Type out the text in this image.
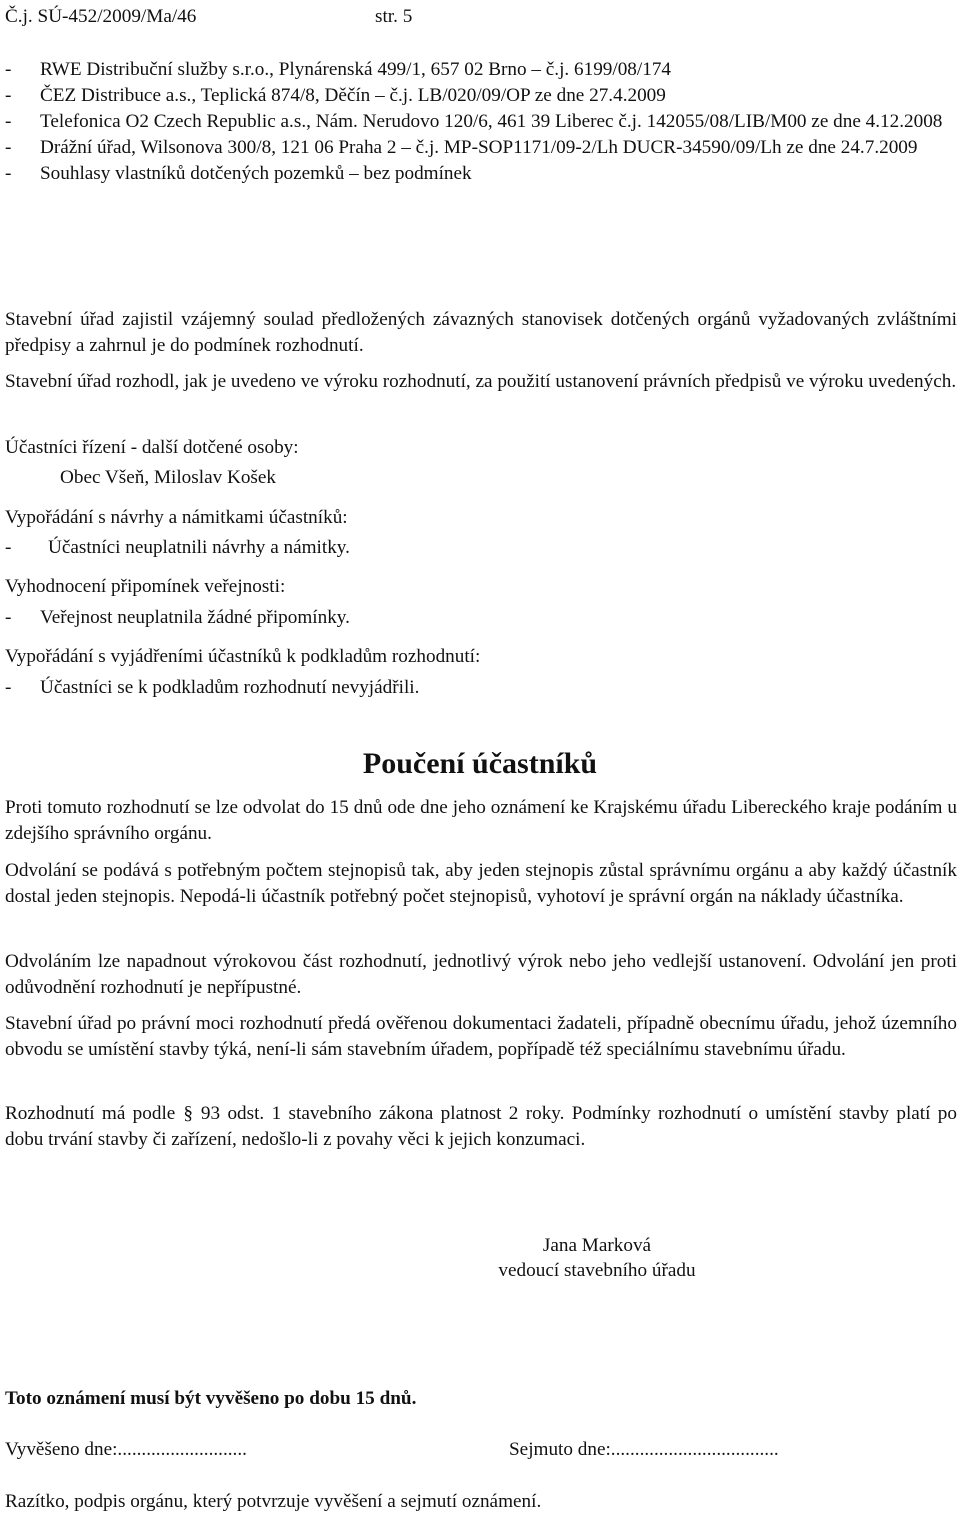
Č.j. SÚ-452/2009/Ma/46	str. 5
- RWE Distribuční služby s.r.o., Plynárenská 499/1, 657 02 Brno – č.j. 6199/08/174
- ČEZ Distribuce a.s., Teplická 874/8, Děčín – č.j. LB/020/09/OP ze dne 27.4.2009
- Telefonica O2 Czech Republic a.s., Nám. Nerudovo 120/6, 461 39 Liberec č.j. 142055/08/LIB/M00 ze dne 4.12.2008
- Drážní úřad, Wilsonova 300/8, 121 06 Praha 2 – č.j. MP-SOP1171/09-2/Lh DUCR-34590/09/Lh ze dne 24.7.2009
- Souhlasy vlastníků dotčených pozemků – bez podmínek

Stavební úřad zajistil vzájemný soulad předložených závazných stanovisek dotčených orgánů vyžadovaných zvláštními předpisy a zahrnul je do podmínek rozhodnutí.

Stavební úřad rozhodl, jak je uvedeno ve výroku rozhodnutí, za použití ustanovení právních předpisů ve výroku uvedených.

Účastníci řízení - další dotčené osoby:

Obec Všeň, Miloslav Košek

Vypořádání s návrhy a námitkami účastníků:

- Účastníci neuplatnili návrhy a námitky.

Vyhodnocení připomínek veřejnosti:

- Veřejnost neuplatnila žádné připomínky.

Vypořádání s vyjádřeními účastníků k podkladům rozhodnutí:

- Účastníci se k podkladům rozhodnutí nevyjádřili.
Poučení účastníků

Proti tomuto rozhodnutí se lze odvolat do 15 dnů ode dne jeho oznámení ke Krajskému úřadu Libereckého kraje podáním u zdejšího správního orgánu.

Odvolání se podává s potřebným počtem stejnopisů tak, aby jeden stejnopis zůstal správnímu orgánu a aby každý účastník dostal jeden stejnopis. Nepodá-li účastník potřebný počet stejnopisů, vyhotoví je správní orgán na náklady účastníka.

Odvoláním lze napadnout výrokovou část rozhodnutí, jednotlivý výrok nebo jeho vedlejší ustanovení. Odvolání jen proti odůvodnění rozhodnutí je nepřípustné.

Stavební úřad po právní moci rozhodnutí předá ověřenou dokumentaci žadateli, případně obecnímu úřadu, jehož územního obvodu se umístění stavby týká, není-li sám stavebním úřadem, popřípadě též speciálnímu stavebnímu úřadu.

Rozhodnutí má podle § 93 odst. 1 stavebního zákona platnost 2 roky. Podmínky rozhodnutí o umístění stavby platí po dobu trvání stavby či zařízení, nedošlo-li z povahy věci k jejich konzumaci.

Jana Marková
vedoucí stavebního úřadu

Toto oznámení musí být vyvěšeno po dobu 15 dnů.

Vyvěšeno dne:...........................	Sejmuto dne:...................................

Razítko, podpis orgánu, který potvrzuje vyvěšení a sejmutí oznámení.
